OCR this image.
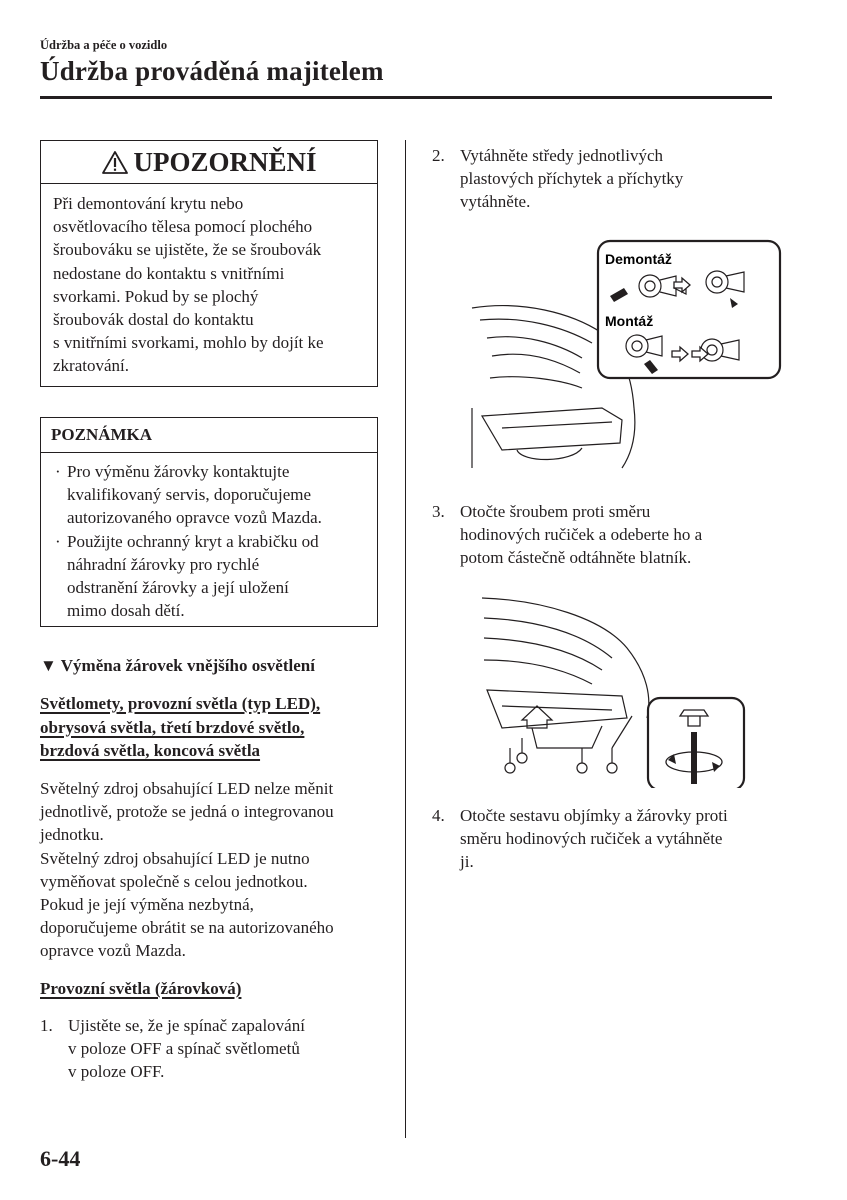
Údržba a péče o vozidlo
Údržba prováděná majitelem
UPOZORNĚNÍ
Při demontování krytu nebo
osvětlovacího tělesa pomocí plochého
šroubováku se ujistěte, že se šroubovák
nedostane do kontaktu s vnitřními
svorkami. Pokud by se plochý
šroubovák dostal do kontaktu
s vnitřními svorkami, mohlo by dojít ke
zkratování.
POZNÁMKA
· Pro výměnu žárovky kontaktujte
kvalifikovaný servis, doporučujeme
autorizovaného opravce vozů Mazda.
· Použijte ochranný kryt a krabičku od
náhradní žárovky pro rychlé
odstranění žárovky a její uložení
mimo dosah dětí.
▼ Výměna žárovek vnějšího osvětlení
Světlomety, provozní světla (typ LED),
obrysová světla, třetí brzdové světlo,
brzdová světla, koncová světla
Světelný zdroj obsahující LED nelze měnit
jednotlivě, protože se jedná o integrovanou
jednotku.
Světelný zdroj obsahující LED je nutno
vyměňovat společně s celou jednotkou.
Pokud je její výměna nezbytná,
doporučujeme obrátit se na autorizovaného
opravce vozů Mazda.
Provozní světla (žárovková)
1. Ujistěte se, že je spínač zapalování
v poloze OFF a spínač světlometů
v poloze OFF.
2. Vytáhněte středy jednotlivých
plastových příchytek a příchytky
vytáhněte.
Demontáž
Montáž
3. Otočte šroubem proti směru
hodinových ručiček a odeberte ho a
potom částečně odtáhněte blatník.
4. Otočte sestavu objímky a žárovky proti
směru hodinových ručiček a vytáhněte
ji.
6-44
